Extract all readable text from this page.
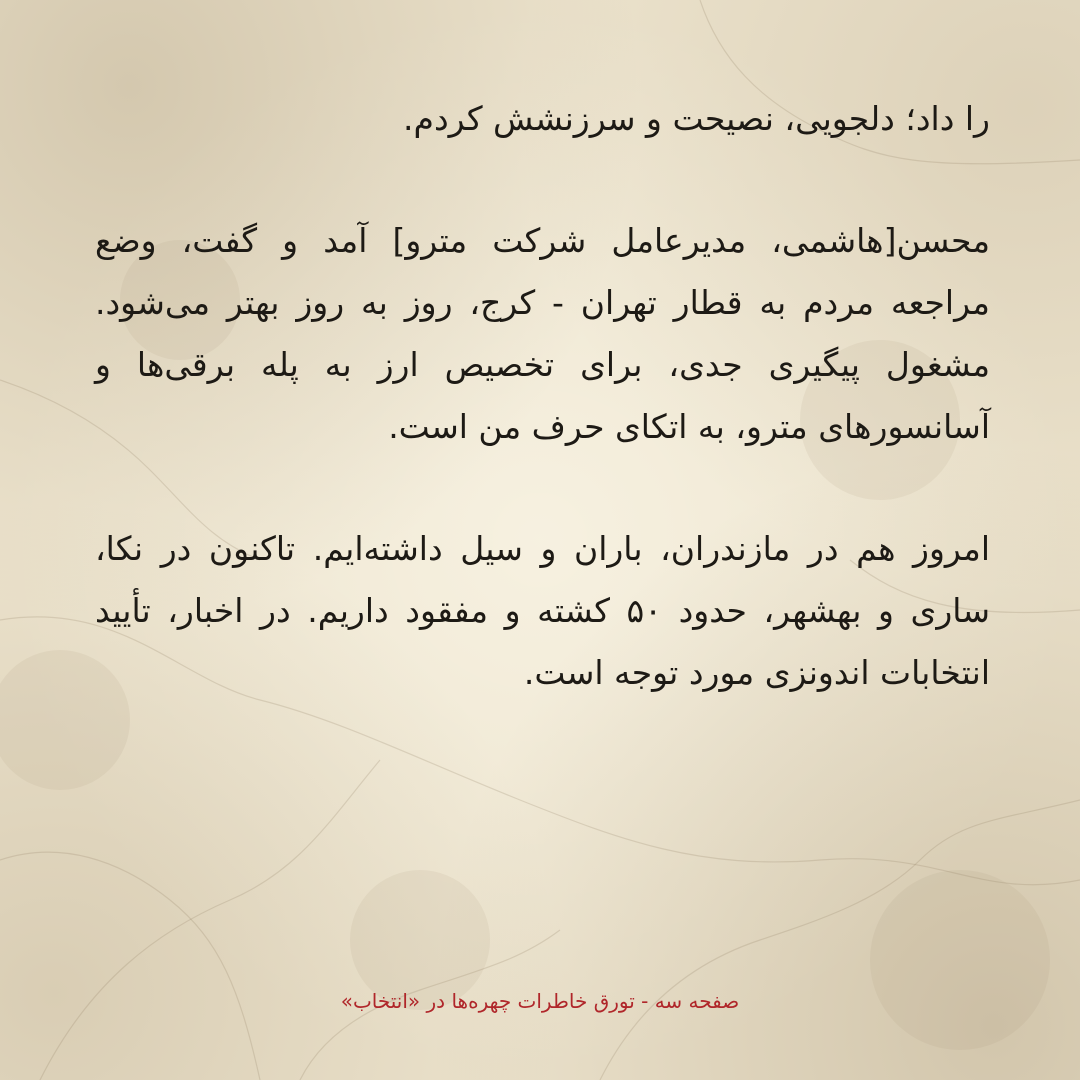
را داد؛ دلجویی، نصیحت و سرزنشش کردم.

محسن[هاشمی، مدیرعامل شرکت مترو] آمد و گفت، وضع مراجعه مردم به قطار تهران - کرج، روز به روز بهتر می‌شود. مشغول پیگیری جدی، برای تخصیص ارز به پله برقی‌ها و آسانسورهای مترو، به اتکای حرف من است.

امروز هم در مازندران، باران و سیل داشته‌ایم. تاکنون در نکا، ساری و بهشهر، حدود ۵۰ کشته و مفقود داریم. در اخبار، تأیید انتخابات اندونزی مورد توجه است.

صفحه سه - تورق خاطرات چهره‌ها در «انتخاب»
